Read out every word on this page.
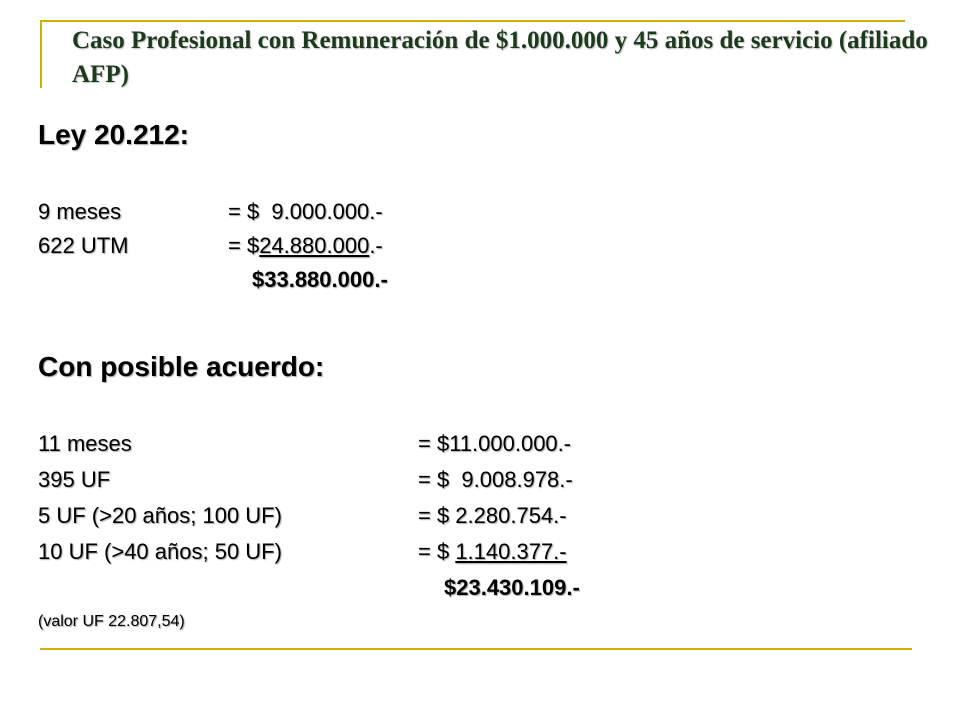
Caso Profesional con Remuneración de $1.000.000 y 45 años de servicio (afiliado AFP)
Ley 20.212:

9 meses

	= $  9.000.000.-

622 UTM

	= $24.880.000.-

$33.880.000.-

Con posible acuerdo:

11 meses

	= $11.000.000.-

395 UF

	= $  9.008.978.-

5 UF (>20 años; 100 UF)

	= $ 2.280.754.-

10 UF (>40 años; 50 UF)

	= $ 1.140.377.-

$23.430.109.-

(valor UF 22.807,54)
